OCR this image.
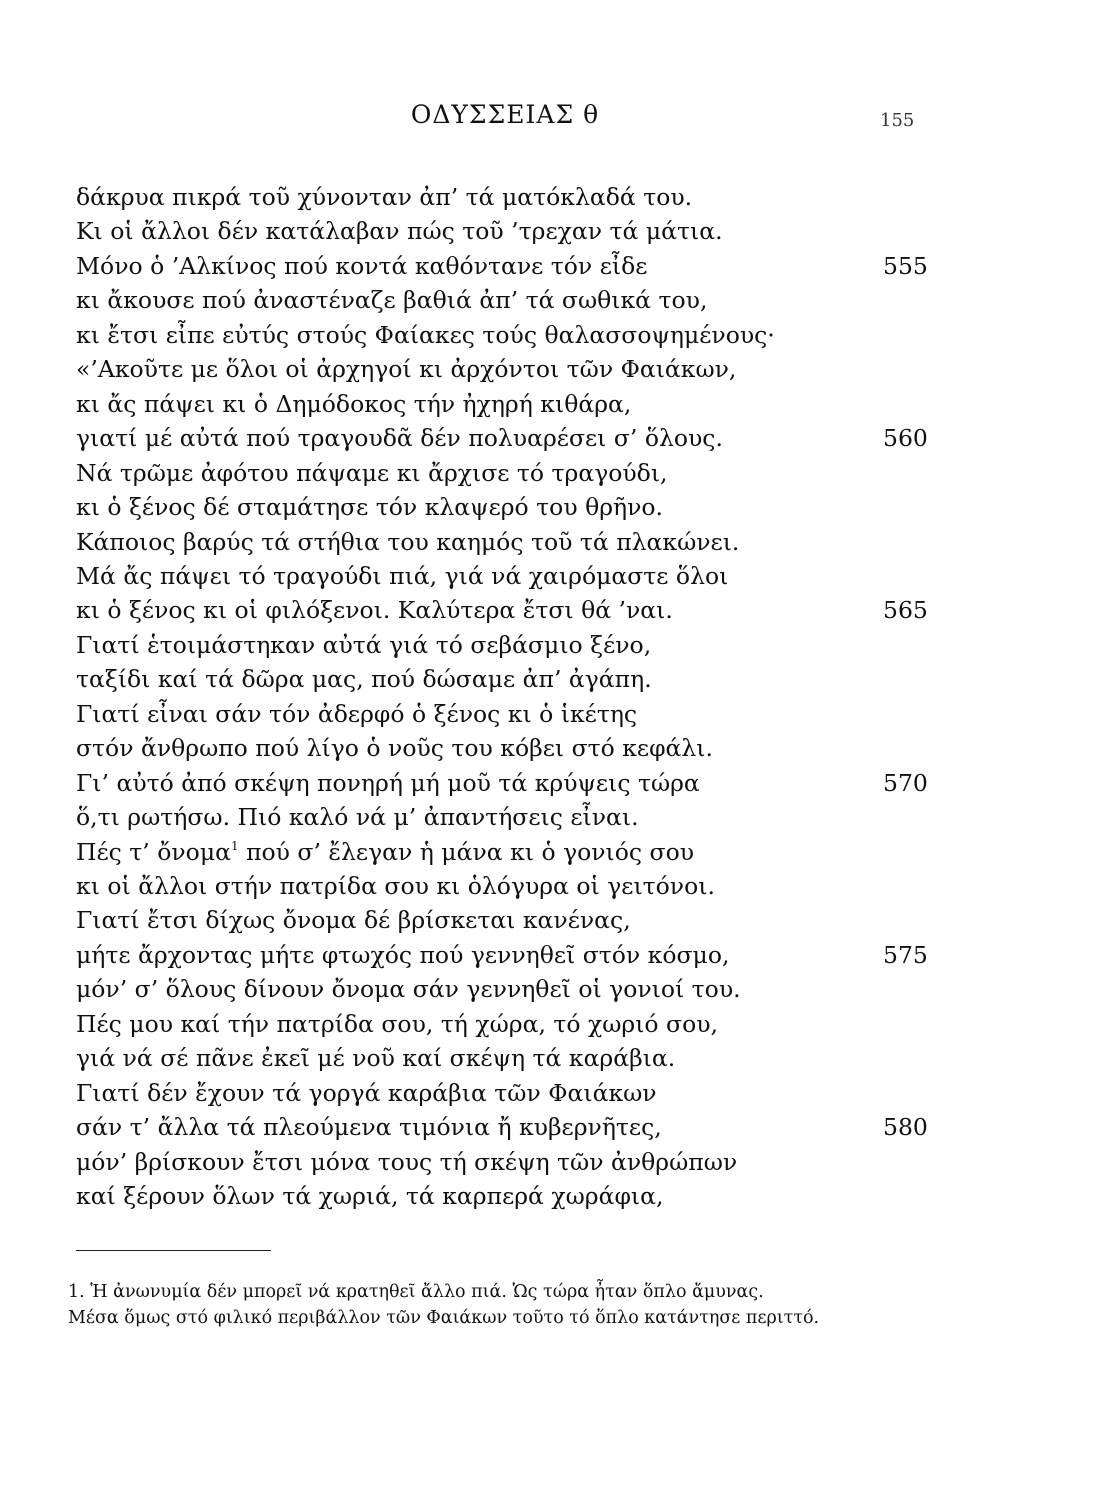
ΟΔΥΣΣΕΙΑΣ θ	155
δάκρυα πικρά τοῦ χύνονταν ἀπ’ τά ματόκλαδά του.
Κι οἱ ἄλλοι δέν κατάλαβαν πώς τοῦ ’τρεχαν τά μάτια.
Μόνο ὁ ’Αλκίνος πού κοντά καθόντανε τόν εἶδε	555
κι ἄκουσε πού ἀναστέναζε βαθιά ἀπ’ τά σωθικά του,
κι ἔτσι εἶπε εὐτύς στούς Φαίακες τούς θαλασσοψημένους·
«’Ακοῦτε με ὅλοι οἱ ἀρχηγοί κι ἀρχόντοι τῶν Φαιάκων,
κι ἄς πάψει κι ὁ Δημόδοκος τήν ἠχηρή κιθάρα,
γιατί μέ αὐτά πού τραγουδᾶ δέν πολυαρέσει σ’ ὅλους.	560
Νά τρῶμε ἀφότου πάψαμε κι ἄρχισε τό τραγούδι,
κι ὁ ξένος δέ σταμάτησε τόν κλαψερό του θρῆνο.
Κάποιος βαρύς τά στήθια του καημός τοῦ τά πλακώνει.
Μά ἄς πάψει τό τραγούδι πιά, γιά νά χαιρόμαστε ὅλοι
κι ὁ ξένος κι οἱ φιλόξενοι. Καλύτερα ἔτσι θά ’ναι.	565
Γιατί ἑτοιμάστηκαν αὐτά γιά τό σεβάσμιο ξένο,
ταξίδι καί τά δῶρα μας, πού δώσαμε ἀπ’ ἀγάπη.
Γιατί εἶναι σάν τόν ἀδερφό ὁ ξένος κι ὁ ἱκέτης
στόν ἄνθρωπο πού λίγο ὁ νοῦς του κόβει στό κεφάλι.
Γι’ αὐτό ἀπό σκέψη πονηρή μή μοῦ τά κρύψεις τώρα	570
ὅ,τι ρωτήσω. Πιό καλό νά μ’ ἀπαντήσεις εἶναι.
Πές τ’ ὄνομα$^1$ πού σ’ ἔλεγαν ἡ μάνα κι ὁ γονιός σου
κι οἱ ἄλλοι στήν πατρίδα σου κι ὁλόγυρα οἱ γειτόνοι.
Γιατί ἔτσι δίχως ὄνομα δέ βρίσκεται κανένας,
μήτε ἄρχοντας μήτε φτωχός πού γεννηθεῖ στόν κόσμο,	575
μόν’ σ’ ὅλους δίνουν ὄνομα σάν γεννηθεῖ οἱ γονιοί του.
Πές μου καί τήν πατρίδα σου, τή χώρα, τό χωριό σου,
γιά νά σέ πᾶνε ἐκεῖ μέ νοῦ καί σκέψη τά καράβια.
Γιατί δέν ἔχουν τά γοργά καράβια τῶν Φαιάκων
σάν τ’ ἄλλα τά πλεούμενα τιμόνια ἤ κυβερνῆτες,	580
μόν’ βρίσκουν ἔτσι μόνα τους τή σκέψη τῶν ἀνθρώπων
καί ξέρουν ὅλων τά χωριά, τά καρπερά χωράφια,
1. Ἡ ἀνωνυμία δέν μπορεῖ νά κρατηθεῖ ἄλλο πιά. Ὡς τώρα ἦταν ὅπλο ἄμυνας.
Μέσα ὅμως στό φιλικό περιβάλλον τῶν Φαιάκων τοῦτο τό ὅπλο κατάντησε περιττό.
